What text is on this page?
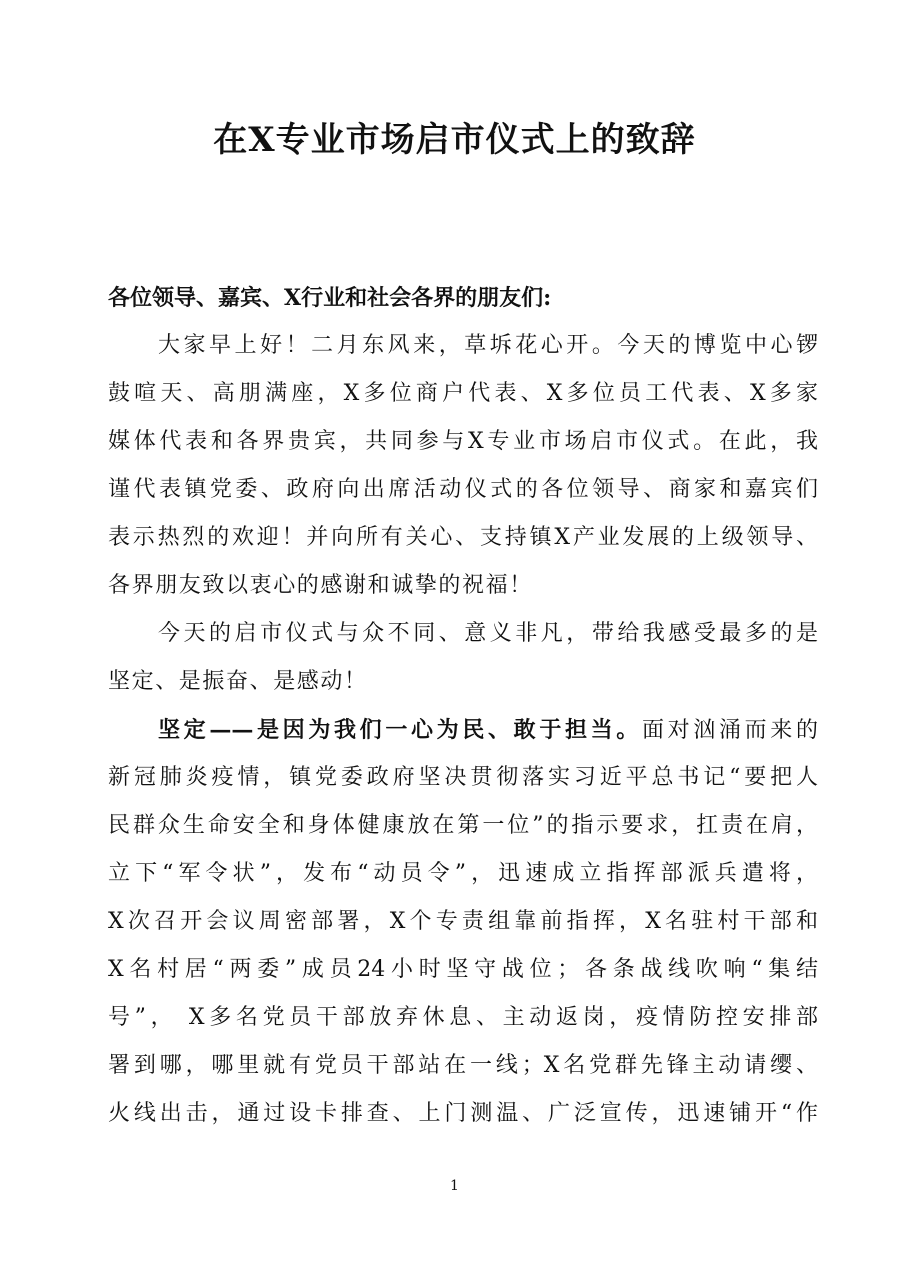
在X专业市场启市仪式上的致辞
各位领导、嘉宾、X行业和社会各界的朋友们:
大家早上好！二月东风来，草坼花心开。今天的博览中心锣
鼓喧天、高朋满座，X多位商户代表、X多位员工代表、X多家
媒体代表和各界贵宾，共同参与X专业市场启市仪式。在此，我
谨代表镇党委、政府向出席活动仪式的各位领导、商家和嘉宾们
表示热烈的欢迎！并向所有关心、支持镇X产业发展的上级领导、
各界朋友致以衷心的感谢和诚挚的祝福！
今天的启市仪式与众不同、意义非凡，带给我感受最多的是
坚定、是振奋、是感动！
坚定——是因为我们一心为民、敢于担当。面对汹涌而来的
新冠肺炎疫情，镇党委政府坚决贯彻落实习近平总书记“要把人
民群众生命安全和身体健康放在第一位”的指示要求，扛责在肩，
立下“军令状”，发布“动员令”，迅速成立指挥部派兵遣将，
X次召开会议周密部署，X个专责组靠前指挥，X名驻村干部和
X名村居“两委”成员24小时坚守战位；各条战线吹响“集结
号”， X多名党员干部放弃休息、主动返岗，疫情防控安排部
署到哪，哪里就有党员干部站在一线；X名党群先锋主动请缨、
火线出击，通过设卡排查、上门测温、广泛宣传，迅速铺开“作
1
